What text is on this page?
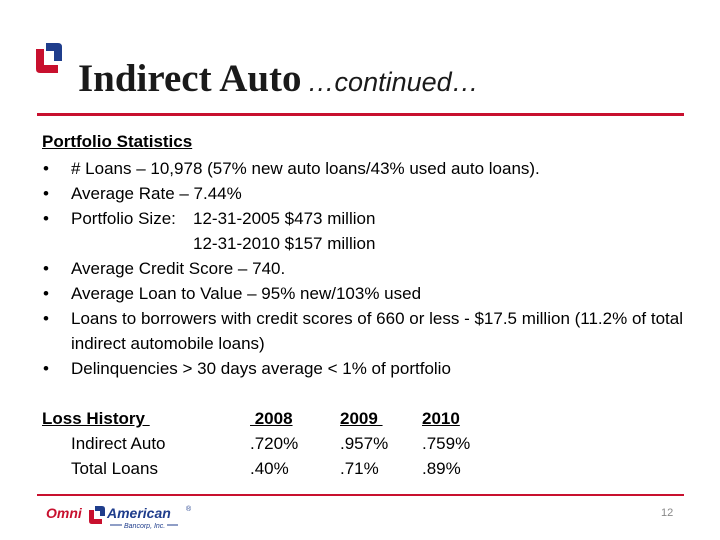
Indirect Auto …continued…
Portfolio Statistics
• # Loans – 10,978 (57% new auto loans/43% used auto loans).
• Average Rate – 7.44%
• Portfolio Size:	12-31-2005 $473 million
12-31-2010 $157 million
• Average Credit Score – 740.
• Average Loan to Value – 95% new/103% used
• Loans to borrowers with credit scores of 660 or less - $17.5 million (11.2% of total indirect automobile loans)
• Delinquencies > 30 days average < 1% of portfolio
Loss History	2008	2009	2010
Indirect Auto	.720%	.957%	.759%
Total Loans	.40%	.71%	.89%
Omni American ®
Bancorp, Inc.
12
